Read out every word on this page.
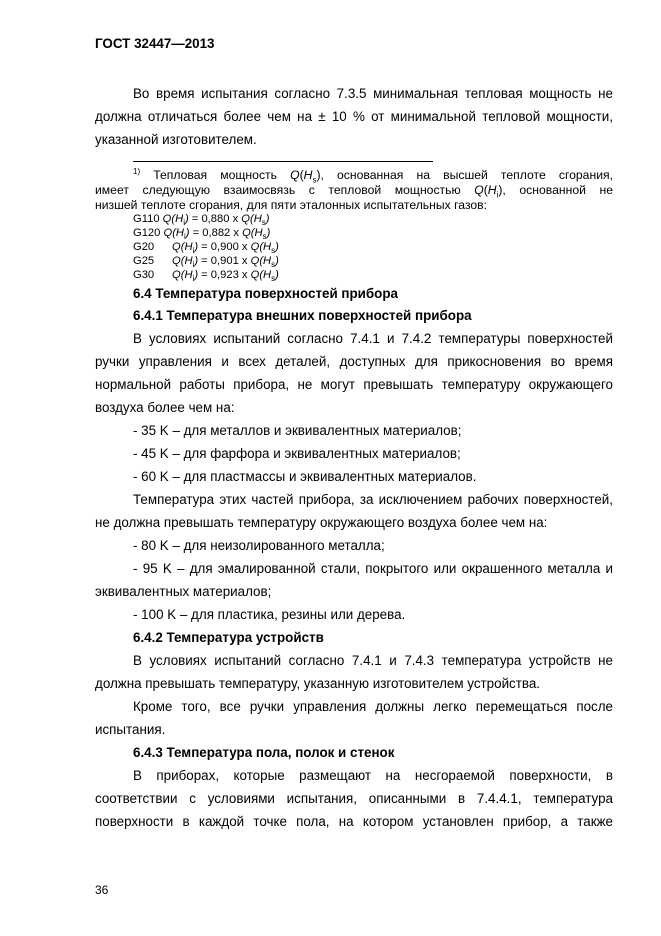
ГОСТ 32447—2013
Во время испытания согласно 7.3.5 минимальная тепловая мощность не
должна отличаться более чем на ± 10 % от минимальной тепловой мощности,
указанной изготовителем.
$^{1)}$ Тепловая мощность $Q(H_s)$, основанная на высшей теплоте сгорания,
имеет следующую взаимосвязь с тепловой мощностью $Q(H_i)$, основанной не
низшей теплоте сгорания, для пяти эталонных испытательных газов:
G110 $Q(H_i) = 0,880$ x $Q(H_s)$
G120 $Q(H_i) = 0,882$ x $Q(H_s)$
G20 $Q(H_i) = 0,900$ x $Q(H_s)$
G25 $Q(H_i) = 0,901$ x $Q(H_s)$
G30 $Q(H_i) = 0,923$ x $Q(H_s)$
6.4 Температура поверхностей прибора
6.4.1 Температура внешних поверхностей прибора
В условиях испытаний согласно 7.4.1 и 7.4.2 температуры поверхностей
ручки управления и всех деталей, доступных для прикосновения во время
нормальной работы прибора, не могут превышать температуру окружающего
воздуха более чем на:
- 35 K – для металлов и эквивалентных материалов;
- 45 K – для фарфора и эквивалентных материалов;
- 60 K – для пластмассы и эквивалентных материалов.
Температура этих частей прибора, за исключением рабочих поверхностей,
не должна превышать температуру окружающего воздуха более чем на:
- 80 K – для неизолированного металла;
- 95 K – для эмалированной стали, покрытого или окрашенного металла и
эквивалентных материалов;
- 100 K – для пластика, резины или дерева.
6.4.2 Температура устройств
В условиях испытаний согласно 7.4.1 и 7.4.3 температура устройств не
должна превышать температуру, указанную изготовителем устройства.
Кроме того, все ручки управления должны легко перемещаться после
испытания.
6.4.3 Температура пола, полок и стенок
В приборах, которые размещают на несгораемой поверхности, в
соответствии с условиями испытания, описанными в 7.4.4.1, температура
поверхности в каждой точке пола, на котором установлен прибор, а также
36
